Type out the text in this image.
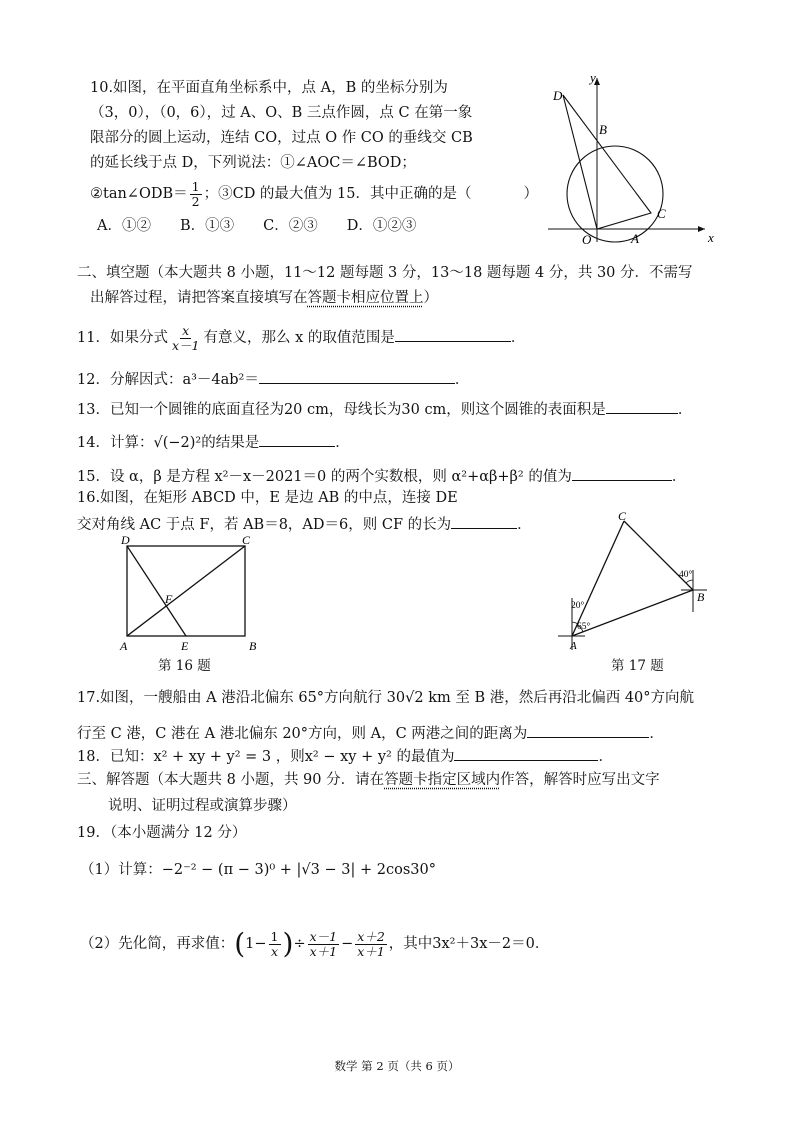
10.如图，在平面直角坐标系中，点 A，B 的坐标分别为
（3，0），（0，6），过 A、O、B 三点作圆，点 C 在第一象
限部分的圆上运动，连结 CO，过点 O 作 CO 的垂线交 CB
的延长线于点 D，下列说法：①∠AOC＝∠BOD；
②tan∠ODB＝ $\frac{1}{2}$ ；③CD 的最大值为 15．其中正确的是（	）
A．①②　　B．①③　　C．②③　　D．①②③
y
x
O	A
B
C
D
二、填空题（本大题共 8 小题，11～12 题每题 3 分，13～18 题每题 4 分，共 30 分．不需写
出解答过程，请把答案直接填写在答题卡相应位置上）
11．如果分式 $\frac{x}{x-1}$ 有意义，那么 x 的取值范围是	．
12．分解因式：a³－4ab²＝	．
13．已知一个圆锥的底面直径为20 cm，母线长为30 cm，则这个圆锥的表面积是	．
14．计算：√(−2)²的结果是	．
15．设 α，β 是方程 x²－x－2021＝0 的两个实数根，则 α²+αβ+β² 的值为	．
16.如图，在矩形 ABCD 中，E 是边 AB 的中点，连接 DE
交对角线 AC 于点 F，若 AB＝8，AD＝6，则 CF 的长为	．
D	C
A	B
E
F
第 16 题
C
B
A
20°
65°
40°
第 17 题
17.如图，一艘船由 A 港沿北偏东 65°方向航行 30√2 km 至 B 港，然后再沿北偏西 40°方向航
行至 C 港，C 港在 A 港北偏东 20°方向，则 A，C 两港之间的距离为	．
18．已知：x² + xy + y² = 3 ，则x² − xy + y² 的最值为	．
三、解答题（本大题共 8 小题，共 90 分．请在答题卡指定区域内作答，解答时应写出文字
说明、证明过程或演算步骤）
19．（本小题满分 12 分）
（1）计算：−2⁻² − (π − 3)⁰ + |√3 − 3| + 2cos30°
（2）先化简，再求值：($1- \frac{1}{x}$ )÷ $\frac{x-1}{x+1} - \frac{x+2}{x+1}$ ，其中3x²＋3x－2＝0．
数学 第 2 页（共 6 页）
